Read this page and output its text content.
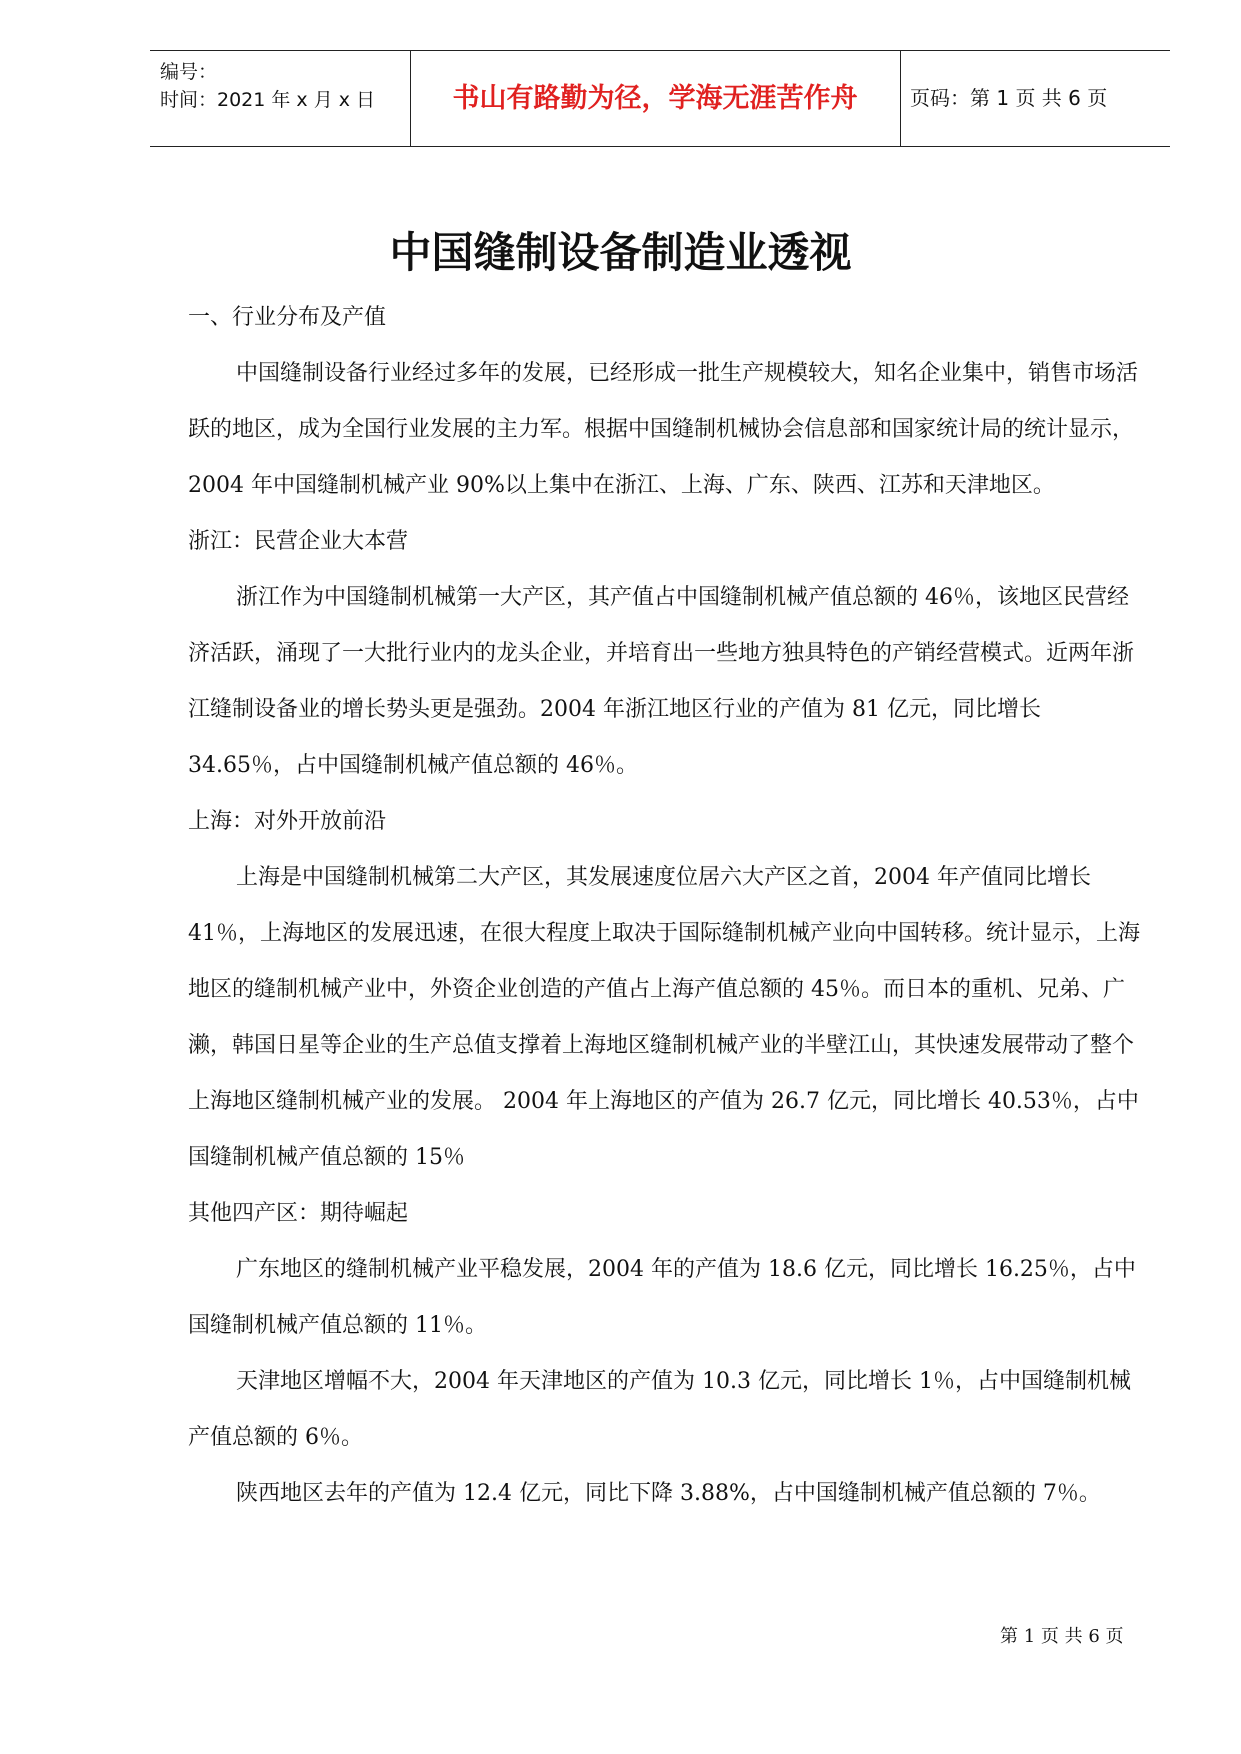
编号：
时间：2021 年 x 月 x 日	书山有路勤为径，学海无涯苦作舟	页码：第 1 页 共 6 页
中国缝制设备制造业透视

一、行业分布及产值

中国缝制设备行业经过多年的发展，已经形成一批生产规模较大，知名企业集中，销售市场活跃的地区，成为全国行业发展的主力军。根据中国缝制机械协会信息部和国家统计局的统计显示，2004 年中国缝制机械产业 90%以上集中在浙江、上海、广东、陕西、江苏和天津地区。

浙江：民营企业大本营

浙江作为中国缝制机械第一大产区，其产值占中国缝制机械产值总额的 46％，该地区民营经济活跃，涌现了一大批行业内的龙头企业，并培育出一些地方独具特色的产销经营模式。近两年浙江缝制设备业的增长势头更是强劲。2004 年浙江地区行业的产值为 81 亿元，同比增长 34.65％，占中国缝制机械产值总额的 46％。

上海：对外开放前沿

上海是中国缝制机械第二大产区，其发展速度位居六大产区之首，2004 年产值同比增长 41％，上海地区的发展迅速，在很大程度上取决于国际缝制机械产业向中国转移。统计显示，上海地区的缝制机械产业中，外资企业创造的产值占上海产值总额的 45％。而日本的重机、兄弟、广濑，韩国日星等企业的生产总值支撑着上海地区缝制机械产业的半壁江山，其快速发展带动了整个上海地区缝制机械产业的发展。 2004 年上海地区的产值为 26.7 亿元，同比增长 40.53％，占中国缝制机械产值总额的 15％

其他四产区：期待崛起

广东地区的缝制机械产业平稳发展，2004 年的产值为 18.6 亿元，同比增长 16.25％，占中国缝制机械产值总额的 11％。

天津地区增幅不大，2004 年天津地区的产值为 10.3 亿元，同比增长 1％，占中国缝制机械产值总额的 6％。

陕西地区去年的产值为 12.4 亿元，同比下降 3.88%，占中国缝制机械产值总额的 7％。

第 1 页 共 6 页
